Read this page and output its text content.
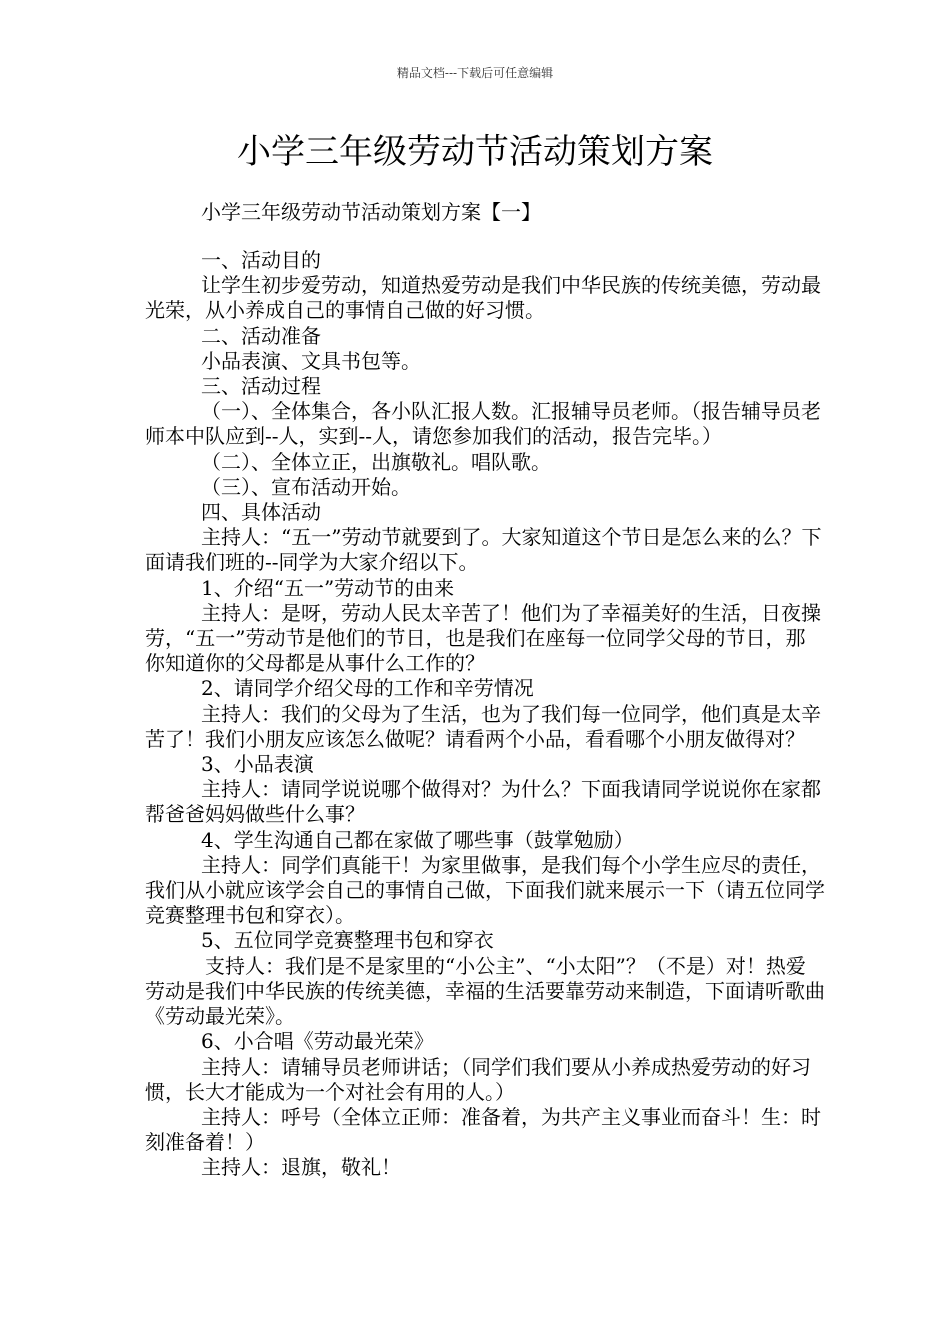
精品文档---下载后可任意编辑
小学三年级劳动节活动策划方案
小学三年级劳动节活动策划方案【一】

一、活动目的

让学生初步爱劳动，知道热爱劳动是我们中华民族的传统美德，劳动最光荣，从小养成自己的事情自己做的好习惯。

二、活动准备

小品表演、文具书包等。

三、活动过程

（一）、全体集合，各小队汇报人数。汇报辅导员老师。（报告辅导员老师本中队应到--人，实到--人，请您参加我们的活动，报告完毕。）

（二）、全体立正，出旗敬礼。唱队歌。

（三）、宣布活动开始。

四、具体活动

主持人：“五一”劳动节就要到了。大家知道这个节日是怎么来的么？下面请我们班的--同学为大家介绍以下。

1、介绍“五一”劳动节的由来

主持人：是呀，劳动人民太辛苦了！他们为了幸福美好的生活，日夜操劳，“五一”劳动节是他们的节日，也是我们在座每一位同学父母的节日，那你知道你的父母都是从事什么工作的？

2、请同学介绍父母的工作和辛劳情况

主持人：我们的父母为了生活，也为了我们每一位同学，他们真是太辛苦了！我们小朋友应该怎么做呢？请看两个小品，看看哪个小朋友做得对？

3、小品表演

主持人：请同学说说哪个做得对？为什么？下面我请同学说说你在家都帮爸爸妈妈做些什么事？

4、学生沟通自己都在家做了哪些事（鼓掌勉励）

主持人：同学们真能干！为家里做事，是我们每个小学生应尽的责任，我们从小就应该学会自己的事情自己做，下面我们就来展示一下（请五位同学竞赛整理书包和穿衣）。

5、五位同学竞赛整理书包和穿衣

支持人：我们是不是家里的“小公主”、“小太阳”？（不是）对！热爱劳动是我们中华民族的传统美德，幸福的生活要靠劳动来制造，下面请听歌曲《劳动最光荣》。

6、小合唱《劳动最光荣》

主持人：请辅导员老师讲话；（同学们我们要从小养成热爱劳动的好习惯，长大才能成为一个对社会有用的人。）

主持人：呼号（全体立正师：准备着，为共产主义事业而奋斗！生：时刻准备着！）

主持人：退旗，敬礼！
